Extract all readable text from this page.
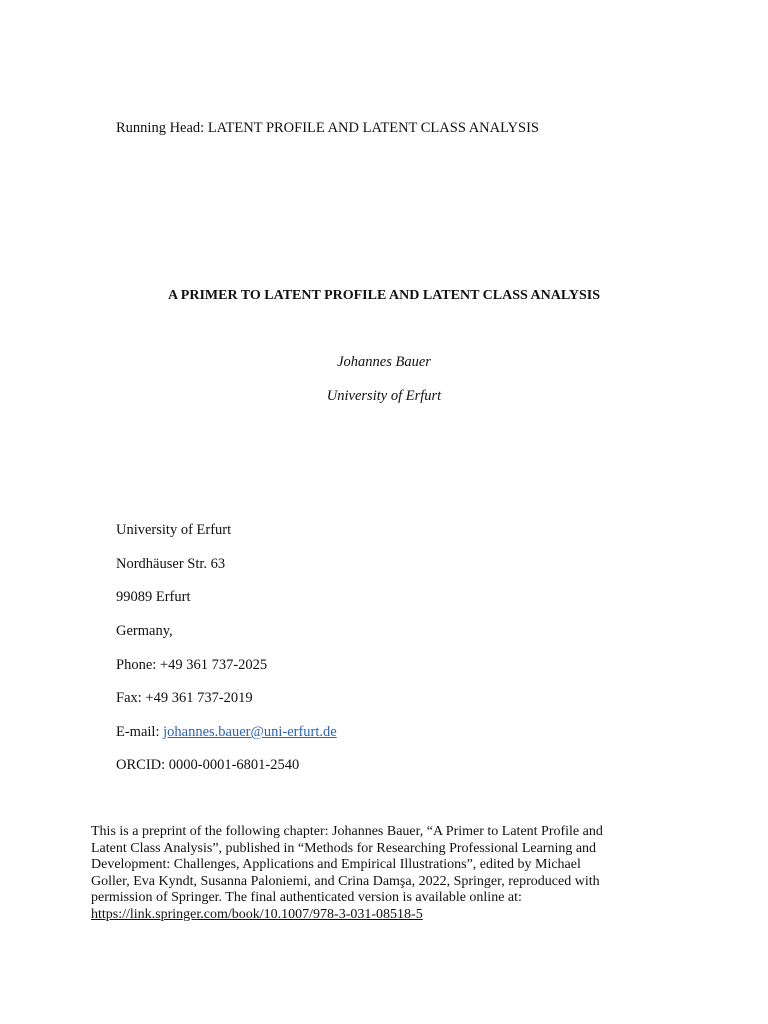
Running Head: LATENT PROFILE AND LATENT CLASS ANALYSIS
A PRIMER TO LATENT PROFILE AND LATENT CLASS ANALYSIS
Johannes Bauer
University of Erfurt
University of Erfurt
Nordhäuser Str. 63
99089 Erfurt
Germany,
Phone: +49 361 737-2025
Fax: +49 361 737-2019
E-mail: johannes.bauer@uni-erfurt.de
ORCID: 0000-0001-6801-2540
This is a preprint of the following chapter: Johannes Bauer, “A Primer to Latent Profile and
Latent Class Analysis”, published in “Methods for Researching Professional Learning and
Development: Challenges, Applications and Empirical Illustrations”, edited by Michael
Goller, Eva Kyndt, Susanna Paloniemi, and Crina Damşa, 2022, Springer, reproduced with
permission of Springer. The final authenticated version is available online at:
https://link.springer.com/book/10.1007/978-3-031-08518-5
